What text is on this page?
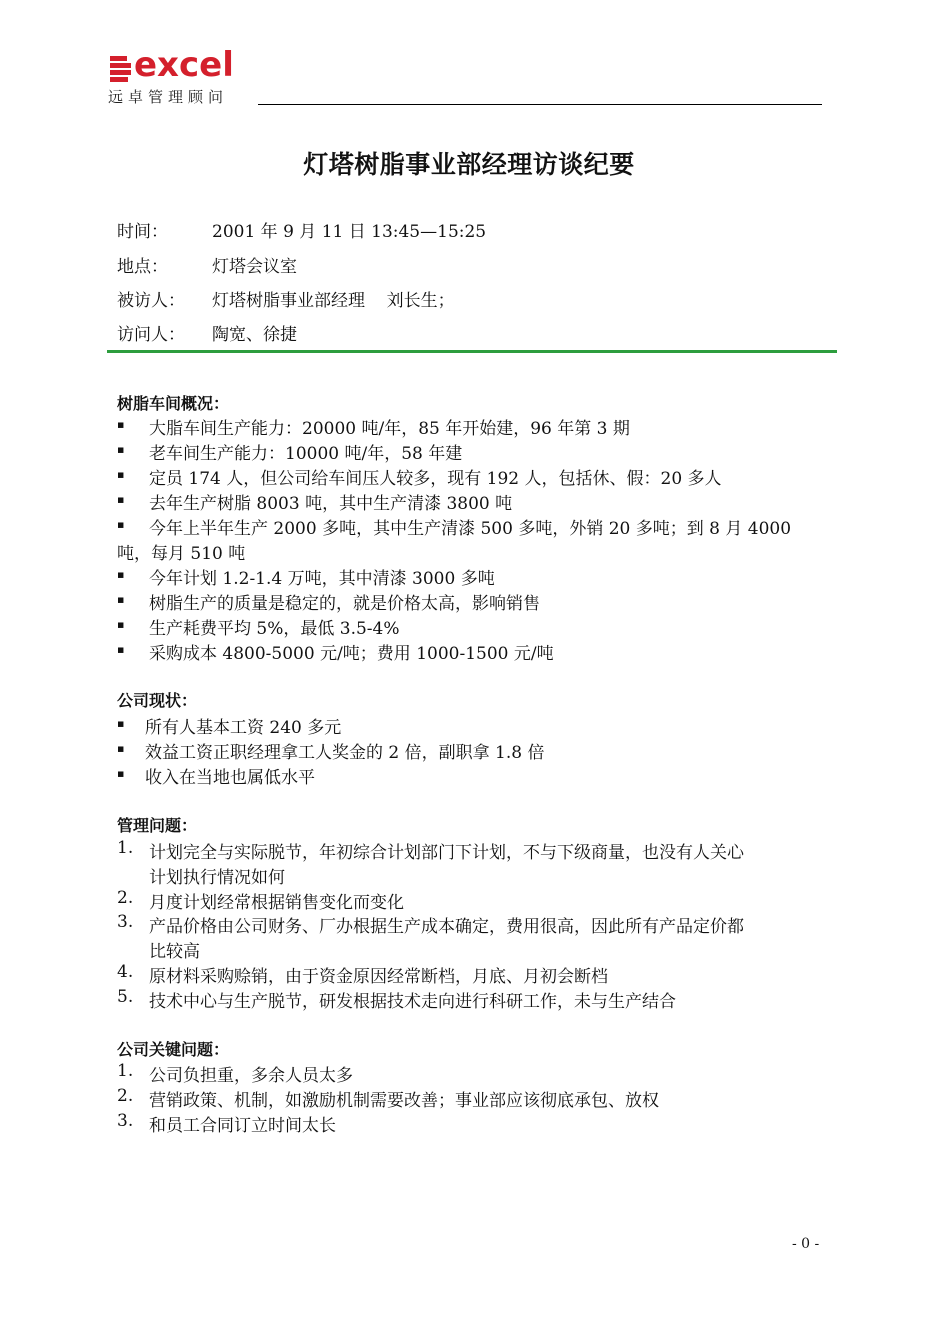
excel
远卓管理顾问
灯塔树脂事业部经理访谈纪要
时间：	2001 年 9 月 11 日 13:45—15:25
地点：	灯塔会议室
被访人： 灯塔树脂事业部经理    刘长生；
访问人： 陶宽、徐捷
树脂车间概况：
▪ 大脂车间生产能力：20000 吨/年，85 年开始建，96 年第 3 期
▪ 老车间生产能力：10000 吨/年，58 年建
▪ 定员 174 人，但公司给车间压人较多，现有 192 人，包括休、假：20 多人
▪ 去年生产树脂 8003 吨，其中生产清漆 3800 吨
▪ 今年上半年生产 2000 多吨，其中生产清漆 500 多吨，外销 20 多吨；到 8 月 4000
吨，每月 510 吨
▪ 今年计划 1.2-1.4 万吨，其中清漆 3000 多吨
▪ 树脂生产的质量是稳定的，就是价格太高，影响销售
▪ 生产耗费平均 5%，最低 3.5-4%
▪ 采购成本 4800-5000 元/吨；费用 1000-1500 元/吨
公司现状：
▪ 所有人基本工资 240 多元
▪ 效益工资正职经理拿工人奖金的 2 倍，副职拿 1.8 倍
▪ 收入在当地也属低水平
管理问题：
1. 计划完全与实际脱节，年初综合计划部门下计划，不与下级商量，也没有人关心
计划执行情况如何
2. 月度计划经常根据销售变化而变化
3. 产品价格由公司财务、厂办根据生产成本确定，费用很高，因此所有产品定价都
比较高
4. 原材料采购赊销，由于资金原因经常断档，月底、月初会断档
5. 技术中心与生产脱节，研发根据技术走向进行科研工作，未与生产结合
公司关键问题：
1. 公司负担重，多余人员太多
2. 营销政策、机制，如激励机制需要改善；事业部应该彻底承包、放权
3. 和员工合同订立时间太长
- 0 -
